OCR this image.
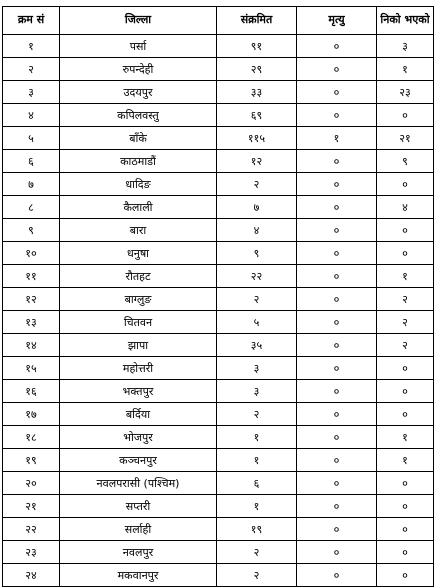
क्रम सं	जिल्ला	संक्रमित	मृत्यु	निको भएको
१	पर्सा	९१	०	३
२	रुपन्देही	२९	०	१
३	उदयपुर	३३	०	२३
४	कपिलवस्तु	६९	०	०
५	बाँके	११५	१	२१
६	काठमाडौं	१२	०	९
७	धादिङ	२	०	०
८	कैलाली	७	०	४
९	बारा	४	०	०
१०	धनुषा	९	०	०
११	रौतहट	२२	०	१
१२	बाग्लुङ	२	०	२
१३	चितवन	५	०	२
१४	झापा	३५	०	२
१५	महोत्तरी	३	०	०
१६	भक्तपुर	३	०	०
१७	बर्दिया	२	०	०
१८	भोजपुर	१	०	१
१९	कञ्चनपुर	१	०	१
२०	नवलपरासी (पश्चिम)	६	०	०
२१	सप्तरी	१	०	०
२२	सर्लाही	१९	०	०
२३	नवलपुर	२	०	०
२४	मकवानपुर	२	०	०
